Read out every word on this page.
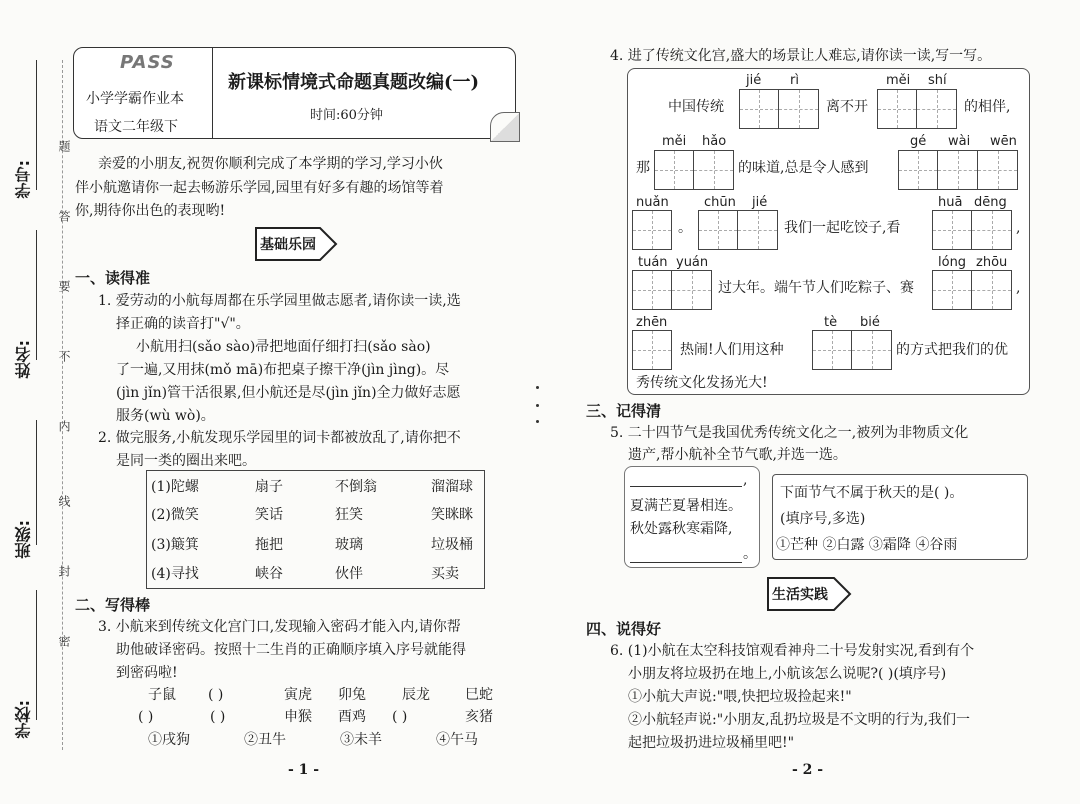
学号:
姓名:
班级:
学校:
题
答
要
不
内
线
封
密
PASS
小学学霸作业本
语文二年级下
新课标情境式命题真题改编(一)
时间:60分钟
亲爱的小朋友,祝贺你顺利完成了本学期的学习,学习小伙
伴小航邀请你一起去畅游乐学园,园里有好多有趣的场馆等着
你,期待你出色的表现哟!
基础乐园
一、读得准
1. 爱劳动的小航每周都在乐学园里做志愿者,请你读一读,选
择正确的读音打"√"。
小航用扫(sǎo sào)帚把地面仔细打扫(sǎo sào)
了一遍,又用抹(mǒ mā)布把桌子擦干净(jìn jìng)。尽
(jìn jǐn)管干活很累,但小航还是尽(jìn jǐn)全力做好志愿
服务(wù wò)。
2. 做完服务,小航发现乐学园里的词卡都被放乱了,请你把不
是同一类的圈出来吧。
(1)陀螺	扇子	不倒翁	溜溜球
(2)微笑	笑话	狂笑	笑眯眯
(3)簸箕	拖把	玻璃	垃圾桶
(4)寻找	峡谷	伙伴	买卖
二、写得棒
3. 小航来到传统文化宫门口,发现输入密码才能入内,请你帮
助他破译密码。按照十二生肖的正确顺序填入序号就能得
到密码啦!
子鼠 ( )	寅虎 卯兔	辰龙	巳蛇
( )	( )	申猴 酉鸡 ( )	亥猪
①戌狗	②丑牛	③未羊	④午马
- 1 -
4. 进了传统文化宫,盛大的场景让人难忘,请你读一读,写一写。
jié rì	měi shí
中国传统	离不开	的相伴,
měi hǎo	gé wài wēn
那	的味道,总是令人感到
nuǎn	chūn jié	huā dēng
。	我们一起吃饺子,看	,
tuán yuán	lóng zhōu
过大年。端午节人们吃粽子、赛	,
zhēn	tè bié
热闹!人们用这种	的方式把我们的优
秀传统文化发扬光大!
三、记得清
5. 二十四节气是我国优秀传统文化之一,被列为非物质文化
遗产,帮小航补全节气歌,并选一选。
,
夏满芒夏暑相连。
秋处露秋寒霜降,
。
下面节气不属于秋天的是( )。
(填序号,多选)
①芒种 ②白露 ③霜降 ④谷雨
生活实践
四、说得好
6. (1)小航在太空科技馆观看神舟二十号发射实况,看到有个
小朋友将垃圾扔在地上,小航该怎么说呢?( )(填序号)
①小航大声说:"喂,快把垃圾捡起来!"
②小航轻声说:"小朋友,乱扔垃圾是不文明的行为,我们一
起把垃圾扔进垃圾桶里吧!"
- 2 -
